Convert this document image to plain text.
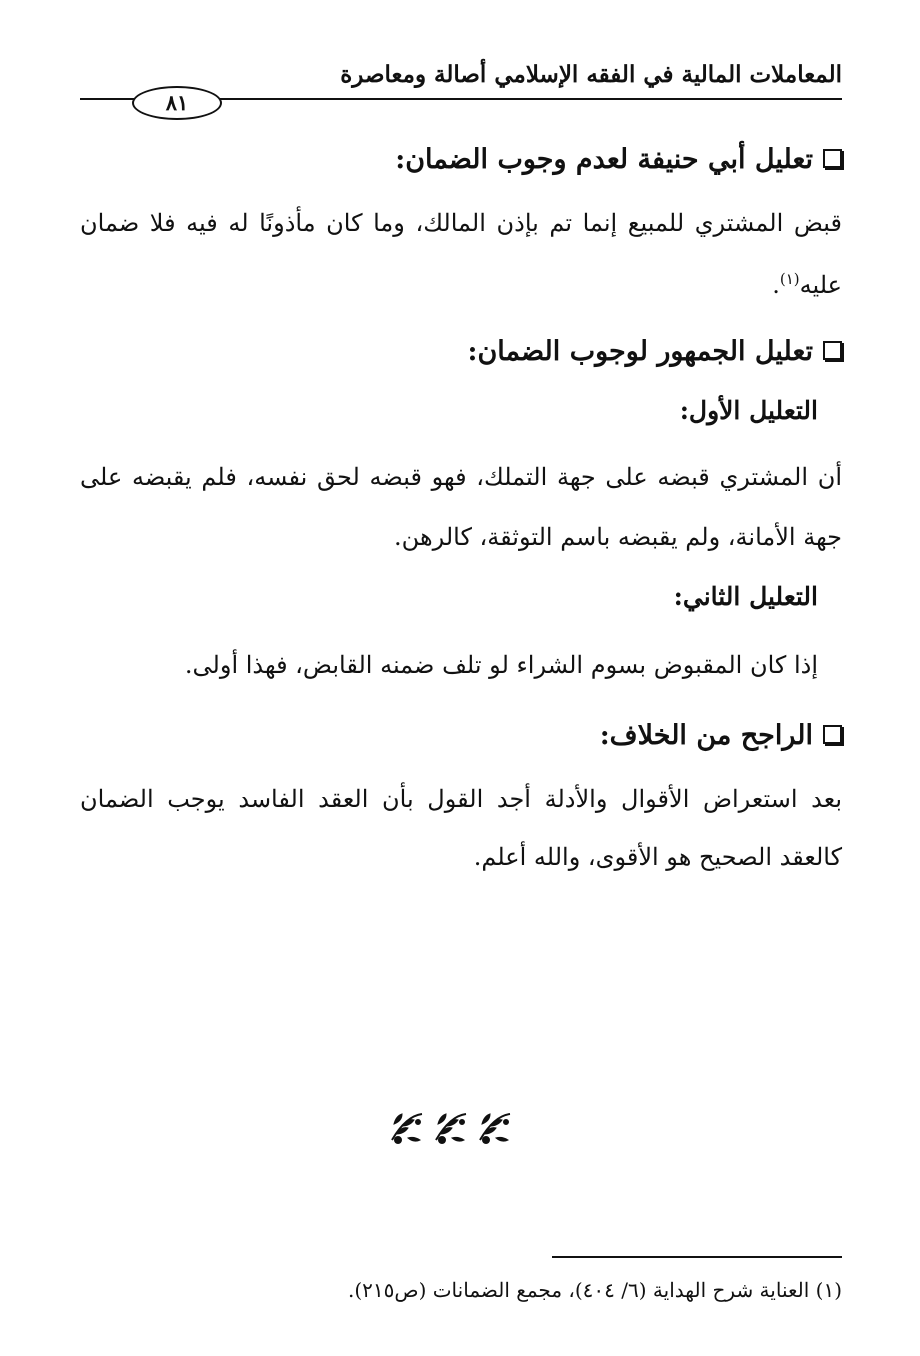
المعاملات المالية في الفقه الإسلامي أصالة ومعاصرة
٨١
تعليل أبي حنيفة لعدم وجوب الضمان:
قبض المشتري للمبيع إنما تم بإذن المالك، وما كان مأذونًا له فيه فلا ضمان
عليه$^{(١)}$.
تعليل الجمهور لوجوب الضمان:
التعليل الأول:
أن المشتري قبضه على جهة التملك، فهو قبضه لحق نفسه، فلم يقبضه على
جهة الأمانة، ولم يقبضه باسم التوثقة، كالرهن.
التعليل الثاني:
إذا كان المقبوض بسوم الشراء لو تلف ضمنه القابض، فهذا أولى.
الراجح من الخلاف:
بعد استعراض الأقوال والأدلة أجد القول بأن العقد الفاسد يوجب الضمان
كالعقد الصحيح هو الأقوى، والله أعلم.
(١) العناية شرح الهداية (٦/ ٤٠٤)، مجمع الضمانات (ص٢١٥).
